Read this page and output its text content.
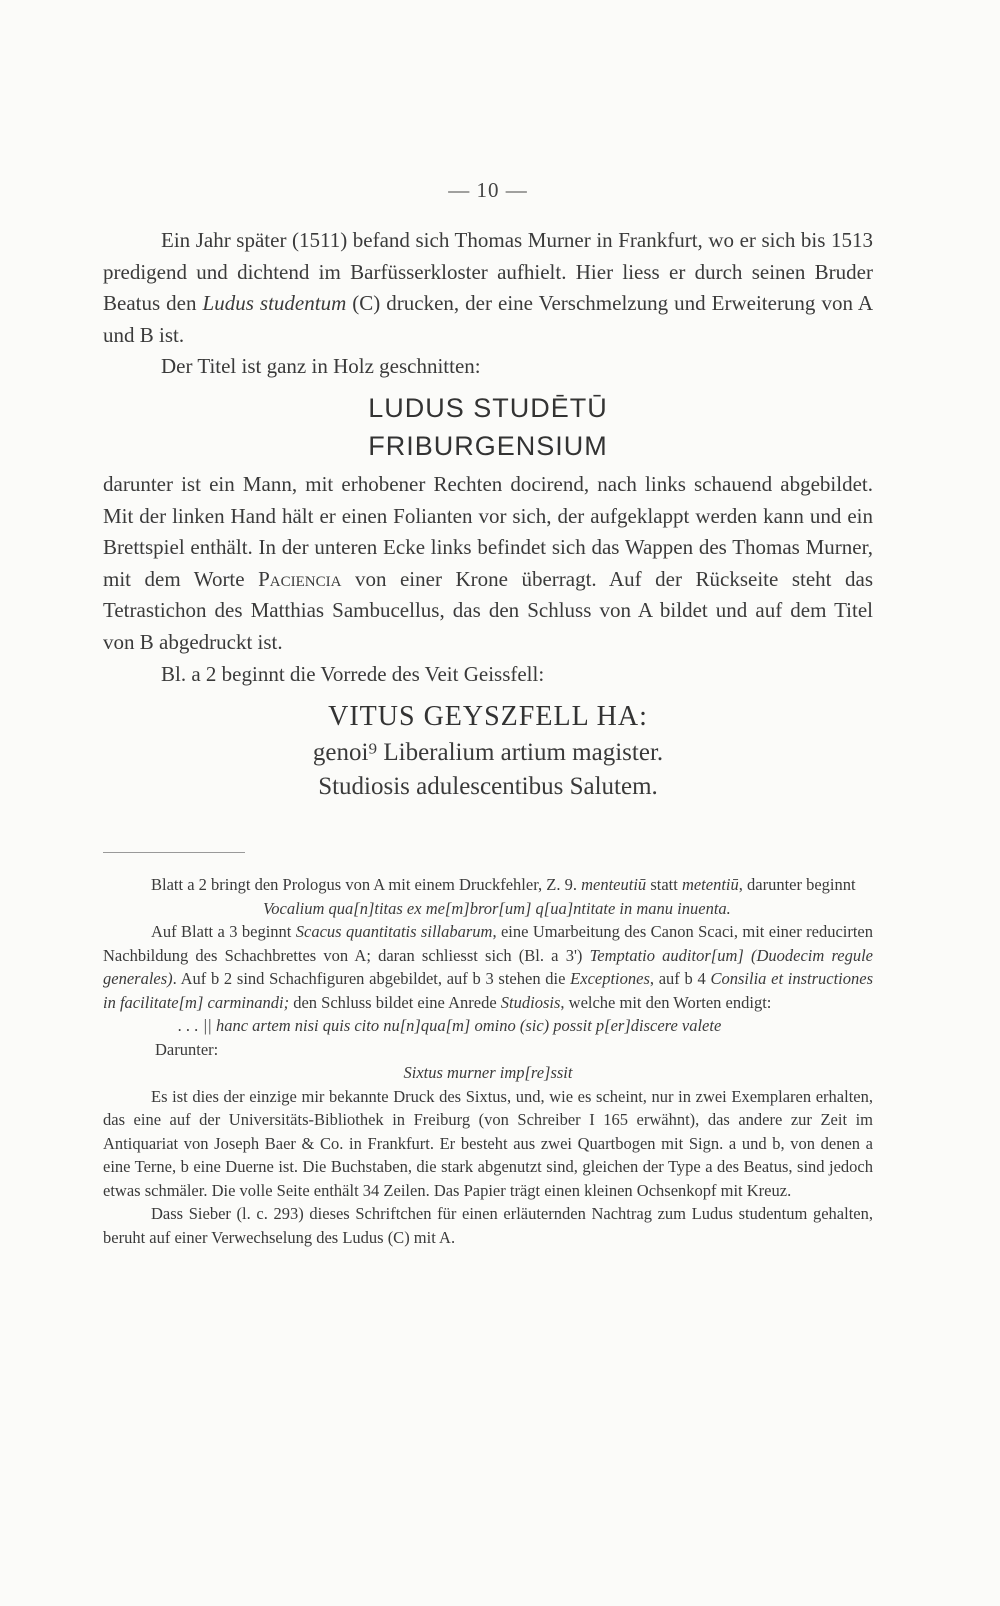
— 10 —

Ein Jahr später (1511) befand sich Thomas Murner in Frankfurt, wo er sich bis 1513 predigend und dichtend im Barfüsserkloster aufhielt. Hier liess er durch seinen Bruder Beatus den Ludus studentum (C) drucken, der eine Verschmelzung und Erweiterung von A und B ist.

Der Titel ist ganz in Holz geschnitten:

LUDUS STUDĒTŪ
FRIBURGENSIUM

darunter ist ein Mann, mit erhobener Rechten docirend, nach links schauend abgebildet. Mit der linken Hand hält er einen Folianten vor sich, der aufgeklappt werden kann und ein Brettspiel enthält. In der unteren Ecke links befindet sich das Wappen des Thomas Murner, mit dem Worte Paciencia von einer Krone überragt. Auf der Rückseite steht das Tetrastichon des Matthias Sambucellus, das den Schluss von A bildet und auf dem Titel von B abgedruckt ist.

Bl. a 2 beginnt die Vorrede des Veit Geissfell:

VITUS GEYSZFELL HA:
genoi⁹ Liberalium artium magister.
Studiosis adulescentibus Salutem.

Blatt a 2 bringt den Prologus von A mit einem Druckfehler, Z. 9. menteutiū statt metentiū, darunter beginnt

Vocalium qua[n]titas ex me[m]bror[um] q[ua]ntitate in manu inuenta.

Auf Blatt a 3 beginnt Scacus quantitatis sillabarum, eine Umarbeitung des Canon Scaci, mit einer reducirten Nachbildung des Schachbrettes von A; daran schliesst sich (Bl. a 3') Temptatio auditor[um] (Duodecim regule generales). Auf b 2 sind Schachfiguren abgebildet, auf b 3 stehen die Exceptiones, auf b 4 Consilia et instructiones in facilitate[m] carminandi; den Schluss bildet eine Anrede Studiosis, welche mit den Worten endigt:

. . . || hanc artem nisi quis cito nu[n]qua[m] omino (sic) possit p[er]discere valete

Darunter:

Sixtus murner imp[re]ssit

Es ist dies der einzige mir bekannte Druck des Sixtus, und, wie es scheint, nur in zwei Exemplaren erhalten, das eine auf der Universitäts-Bibliothek in Freiburg (von Schreiber I 165 erwähnt), das andere zur Zeit im Antiquariat von Joseph Baer & Co. in Frankfurt. Er besteht aus zwei Quartbogen mit Sign. a und b, von denen a eine Terne, b eine Duerne ist. Die Buchstaben, die stark abgenutzt sind, gleichen der Type a des Beatus, sind jedoch etwas schmäler. Die volle Seite enthält 34 Zeilen. Das Papier trägt einen kleinen Ochsenkopf mit Kreuz.

Dass Sieber (l. c. 293) dieses Schriftchen für einen erläuternden Nachtrag zum Ludus studentum gehalten, beruht auf einer Verwechselung des Ludus (C) mit A.
